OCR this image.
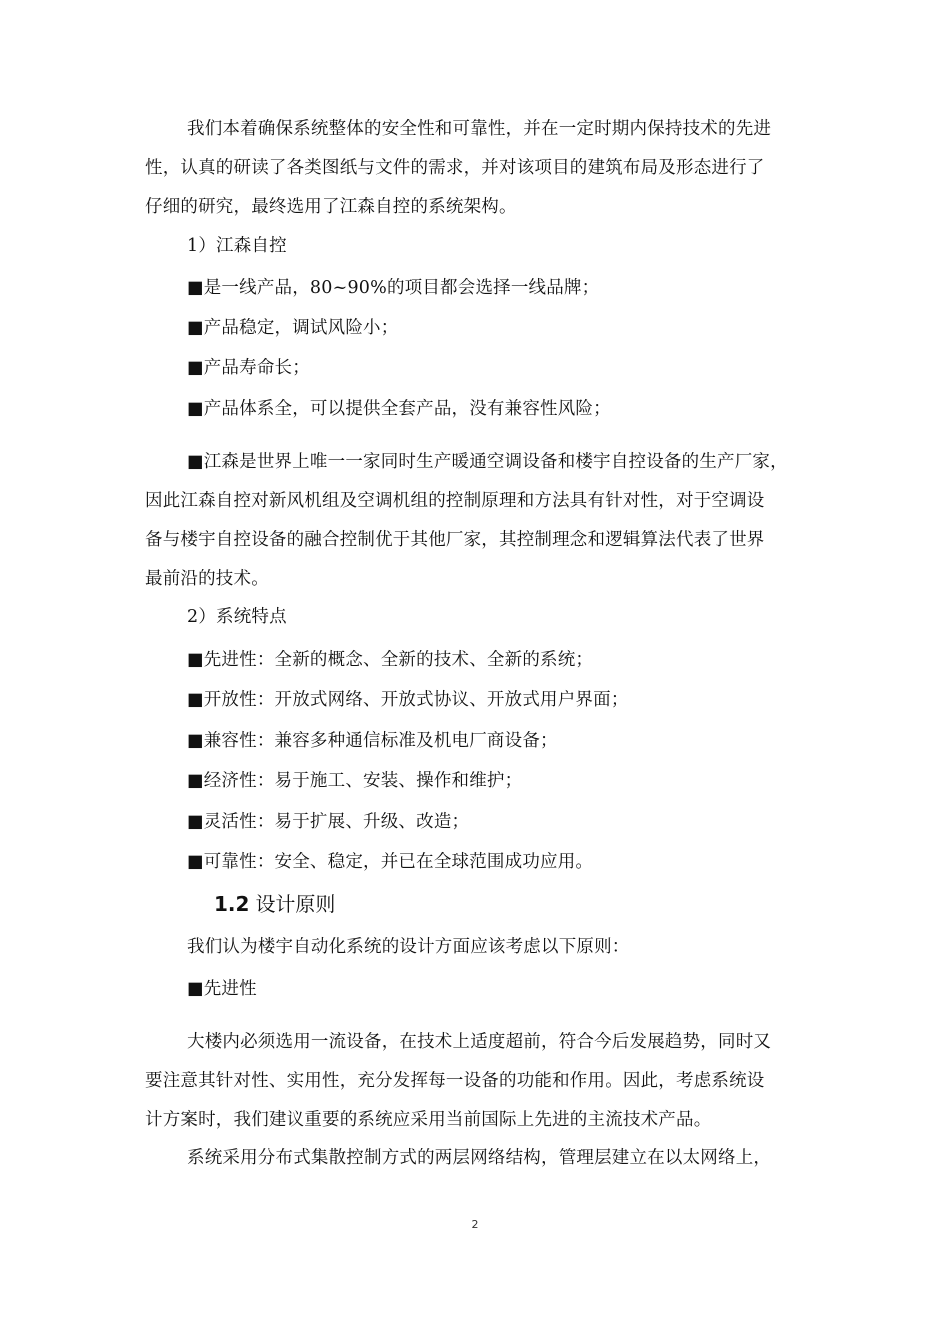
我们本着确保系统整体的安全性和可靠性，并在一定时期内保持技术的先进
性，认真的研读了各类图纸与文件的需求，并对该项目的建筑布局及形态进行了
仔细的研究，最终选用了江森自控的系统架构。
1）江森自控
■是一线产品，80~90%的项目都会选择一线品牌；
■产品稳定，调试风险小；
■产品寿命长；
■产品体系全，可以提供全套产品，没有兼容性风险；
■江森是世界上唯一一家同时生产暖通空调设备和楼宇自控设备的生产厂家，
因此江森自控对新风机组及空调机组的控制原理和方法具有针对性，对于空调设
备与楼宇自控设备的融合控制优于其他厂家，其控制理念和逻辑算法代表了世界
最前沿的技术。
2）系统特点
■先进性：全新的概念、全新的技术、全新的系统；
■开放性：开放式网络、开放式协议、开放式用户界面；
■兼容性：兼容多种通信标准及机电厂商设备；
■经济性：易于施工、安装、操作和维护；
■灵活性：易于扩展、升级、改造；
■可靠性：安全、稳定，并已在全球范围成功应用。
1.2 设计原则
我们认为楼宇自动化系统的设计方面应该考虑以下原则：
■先进性
大楼内必须选用一流设备，在技术上适度超前，符合今后发展趋势，同时又
要注意其针对性、实用性，充分发挥每一设备的功能和作用。因此，考虑系统设
计方案时，我们建议重要的系统应采用当前国际上先进的主流技术产品。
系统采用分布式集散控制方式的两层网络结构，管理层建立在以太网络上，
2
